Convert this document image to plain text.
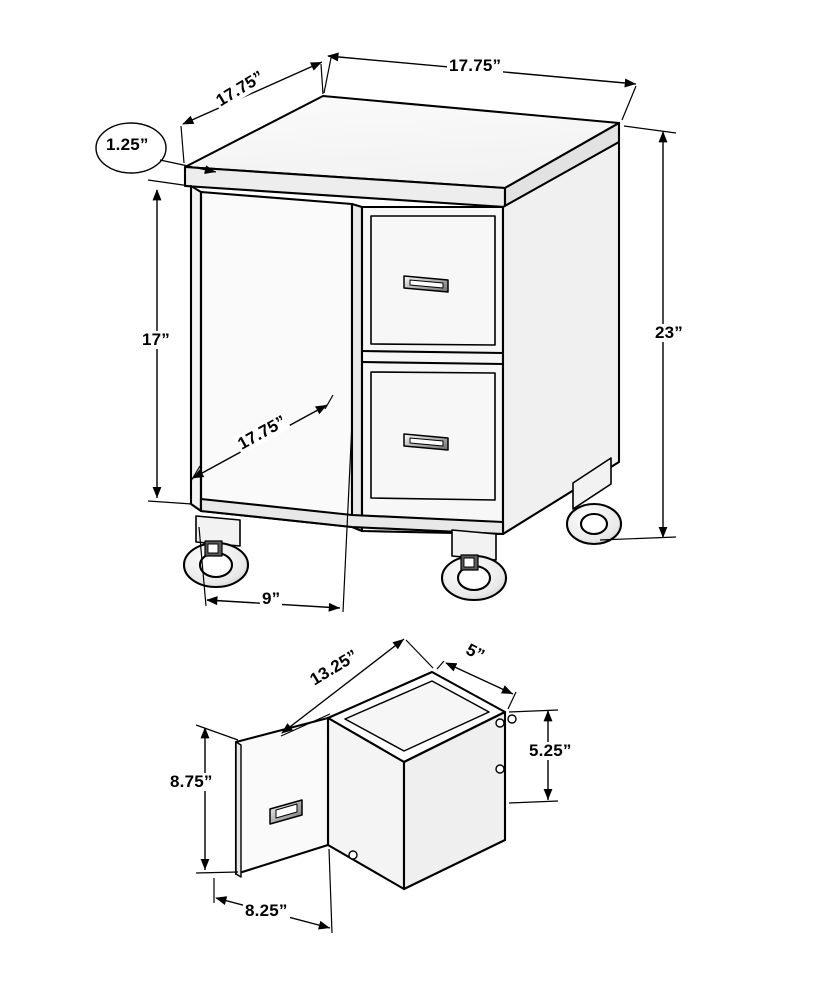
17.75”
17.75”
1.25”
23”
17”
17.75”
9”
13.25”	5”
5.25”
8.75”
8.25”
